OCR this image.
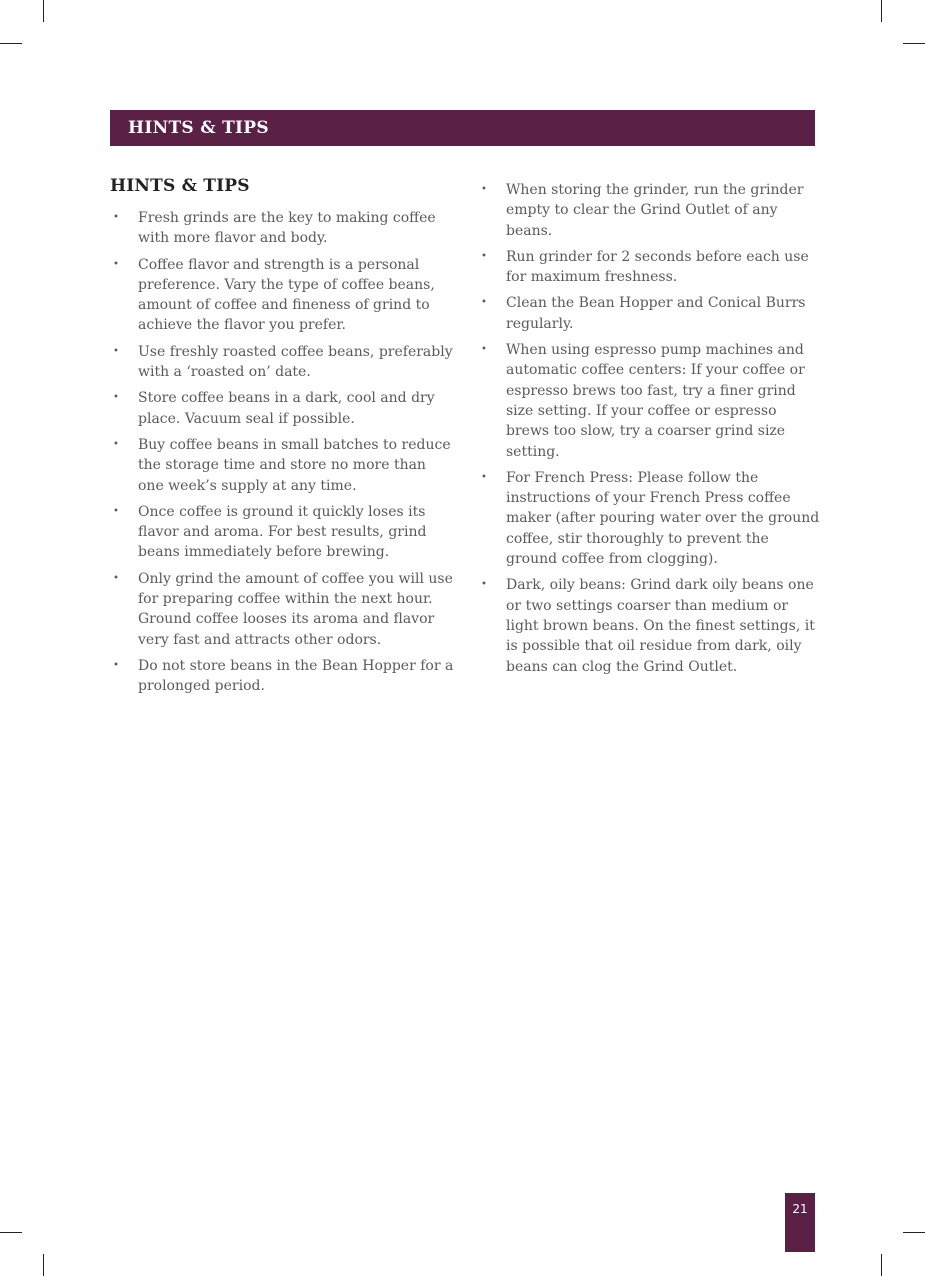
HINTS & TIPS
HINTS & TIPS
• Fresh grinds are the key to making coffee with more flavor and body.
• Coffee flavor and strength is a personal preference. Vary the type of coffee beans, amount of coffee and fineness of grind to achieve the flavor you prefer.
• Use freshly roasted coffee beans, preferably with a ‘roasted on’ date.
• Store coffee beans in a dark, cool and dry place. Vacuum seal if possible.
• Buy coffee beans in small batches to reduce the storage time and store no more than one week’s supply at any time.
• Once coffee is ground it quickly loses its flavor and aroma. For best results, grind beans immediately before brewing.
• Only grind the amount of coffee you will use for preparing coffee within the next hour. Ground coffee looses its aroma and flavor very fast and attracts other odors.
• Do not store beans in the Bean Hopper for a prolonged period.
• When storing the grinder, run the grinder empty to clear the Grind Outlet of any beans.
• Run grinder for 2 seconds before each use for maximum freshness.
• Clean the Bean Hopper and Conical Burrs regularly.
• When using espresso pump machines and automatic coffee centers: If your coffee or espresso brews too fast, try a finer grind size setting. If your coffee or espresso brews too slow, try a coarser grind size setting.
• For French Press: Please follow the instructions of your French Press coffee maker (after pouring water over the ground coffee, stir thoroughly to prevent the ground coffee from clogging).
• Dark, oily beans: Grind dark oily beans one or two settings coarser than medium or light brown beans. On the finest settings, it is possible that oil residue from dark, oily beans can clog the Grind Outlet.
21
